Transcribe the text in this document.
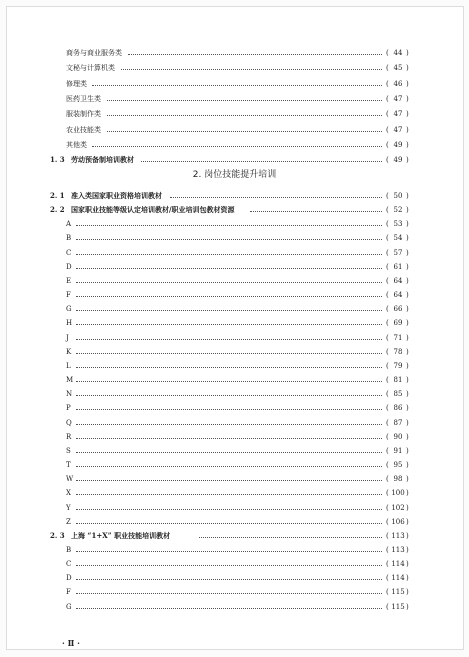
商务与商业服务类	( 44 )
文秘与计算机类	( 45 )
修理类	( 46 )
医药卫生类	( 47 )
服装制作类	( 47 )
农业技能类	( 47 )
其他类	( 49 )
1. 3 劳动预备制培训教材	( 49 )
2. 岗位技能提升培训
2. 1 准入类国家职业资格培训教材	( 50 )
2. 2 国家职业技能等级认定培训教材/职业培训包教材资源	( 52 )
A	( 53 )
B	( 54 )
C	( 57 )
D	( 61 )
E	( 64 )
F	( 64 )
G	( 66 )
H	( 69 )
J	( 71 )
K	( 78 )
L	( 79 )
M	( 81 )
N	( 85 )
P	( 86 )
Q	( 87 )
R	( 90 )
S	( 91 )
T	( 95 )
W	( 98 )
X	( 100 )
Y	( 102 )
Z	( 106 )
2. 3 上海 “1+X” 职业技能培训教材	( 113 )
B	( 113 )
C	( 114 )
D	( 114 )
F	( 115 )
G	( 115 )
· Ⅱ ·
